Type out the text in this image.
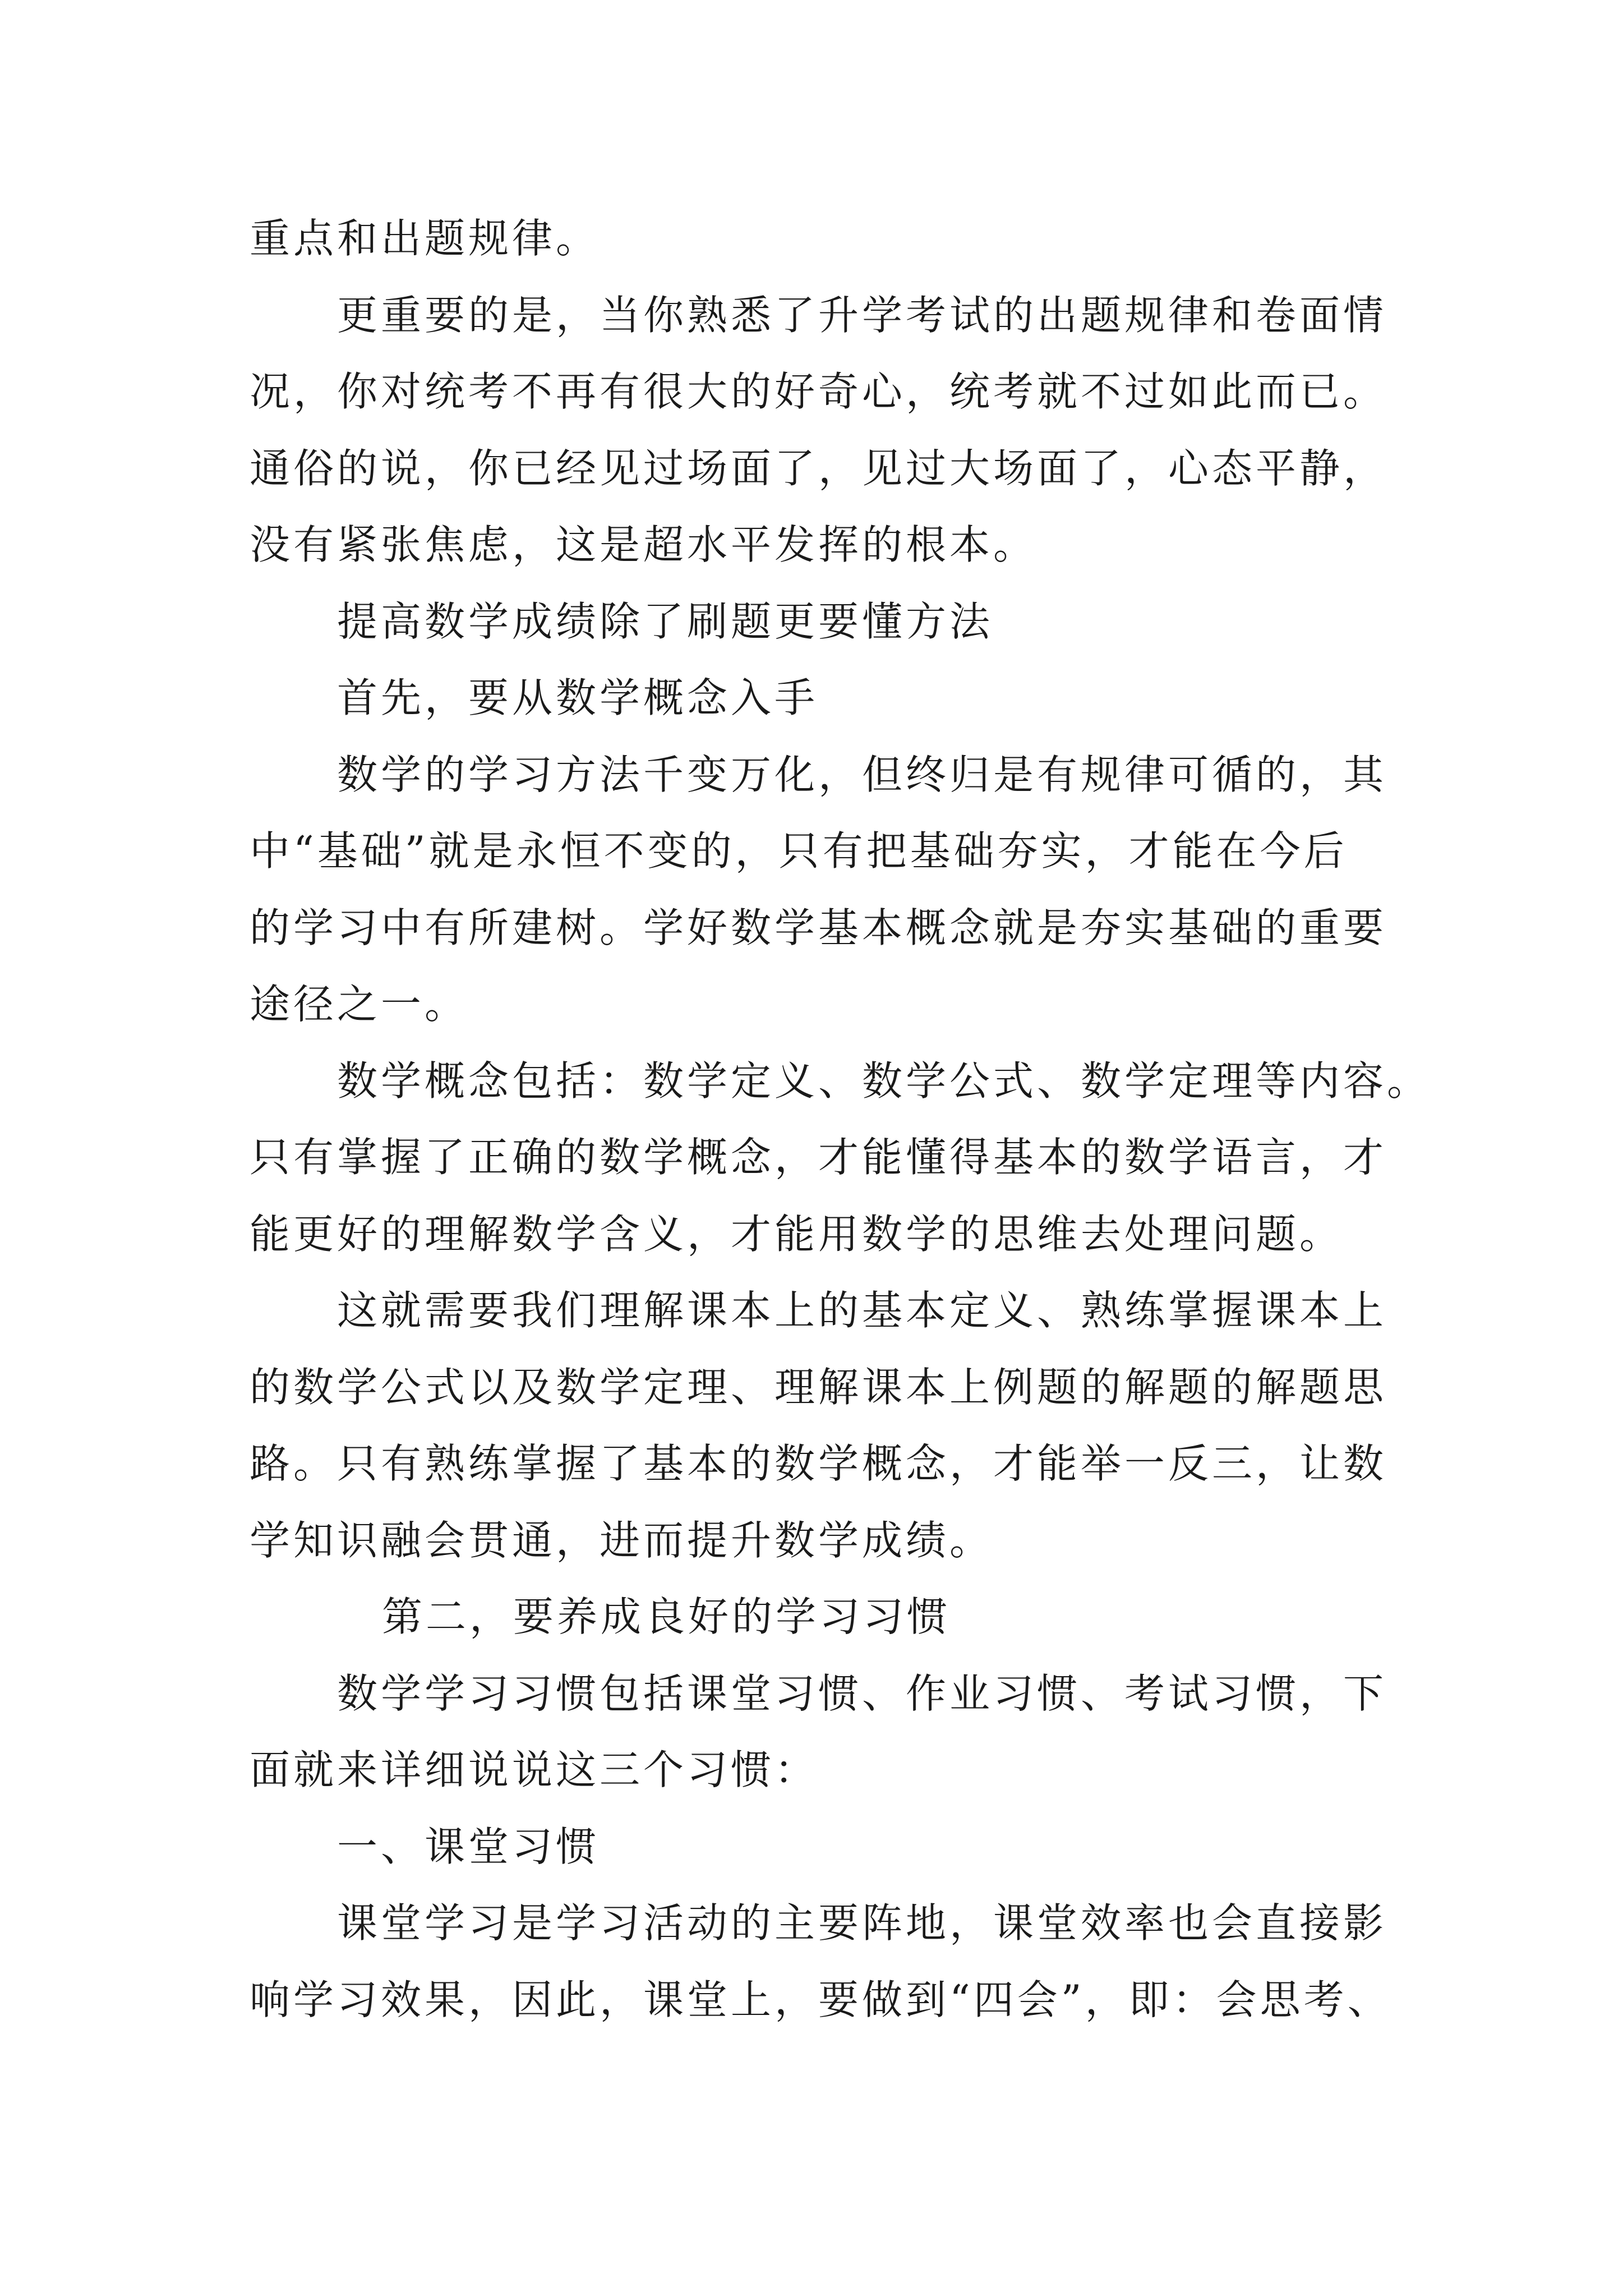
重点和出题规律。
更重要的是，当你熟悉了升学考试的出题规律和卷面情
况，你对统考不再有很大的好奇心，统考就不过如此而已。
通俗的说，你已经见过场面了，见过大场面了，心态平静，
没有紧张焦虑，这是超水平发挥的根本。
提高数学成绩除了刷题更要懂方法
首先，要从数学概念入手
数学的学习方法千变万化，但终归是有规律可循的，其
中“基础”就是永恒不变的，只有把基础夯实，才能在今后
的学习中有所建树。学好数学基本概念就是夯实基础的重要
途径之一。
数学概念包括：数学定义、数学公式、数学定理等内容。
只有掌握了正确的数学概念，才能懂得基本的数学语言，才
能更好的理解数学含义，才能用数学的思维去处理问题。
这就需要我们理解课本上的基本定义、熟练掌握课本上
的数学公式以及数学定理、理解课本上例题的解题的解题思
路。只有熟练掌握了基本的数学概念，才能举一反三，让数
学知识融会贯通，进而提升数学成绩。
第二，要养成良好的学习习惯
数学学习习惯包括课堂习惯、作业习惯、考试习惯，下
面就来详细说说这三个习惯：
一、课堂习惯
课堂学习是学习活动的主要阵地，课堂效率也会直接影
响学习效果，因此，课堂上，要做到“四会”，即：会思考、
